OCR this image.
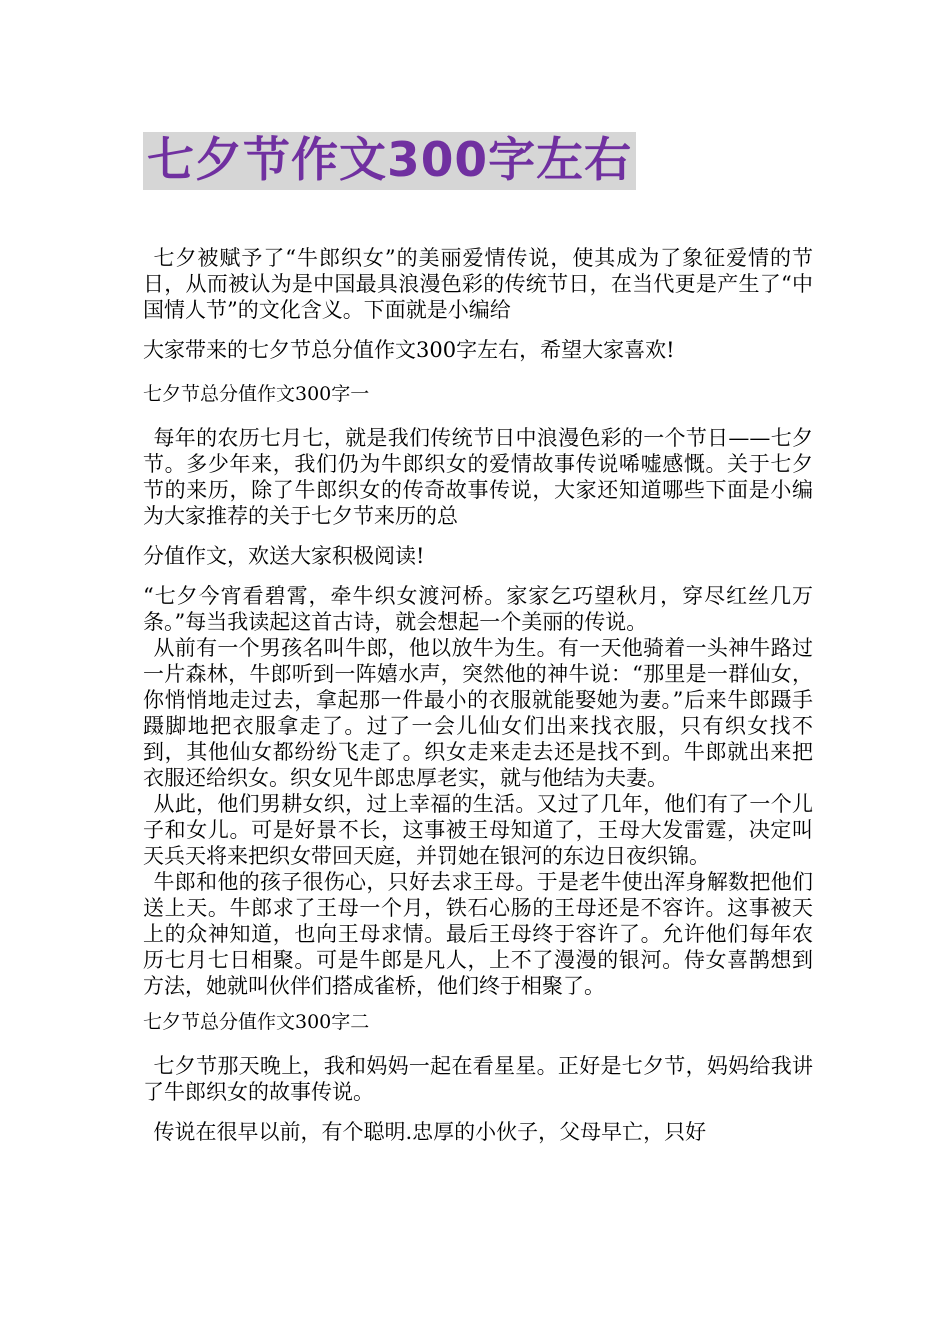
七夕节作文300字左右

七夕被赋予了“牛郎织女”的美丽爱情传说，使其成为了象征爱情的节日，从而被认为是中国最具浪漫色彩的传统节日，在当代更是产生了“中国情人节”的文化含义。下面就是小编给

大家带来的七夕节总分值作文300字左右，希望大家喜欢!

七夕节总分值作文300字一

每年的农历七月七，就是我们传统节日中浪漫色彩的一个节日——七夕节。多少年来，我们仍为牛郎织女的爱情故事传说唏嘘感慨。关于七夕节的来历，除了牛郎织女的传奇故事传说，大家还知道哪些下面是小编为大家推荐的关于七夕节来历的总

分值作文，欢送大家积极阅读!

“七夕今宵看碧霄，牵牛织女渡河桥。家家乞巧望秋月，穿尽红丝几万条。”每当我读起这首古诗，就会想起一个美丽的传说。

从前有一个男孩名叫牛郎，他以放牛为生。有一天他骑着一头神牛路过一片森林，牛郎听到一阵嬉水声，突然他的神牛说：“那里是一群仙女，你悄悄地走过去，拿起那一件最小的衣服就能娶她为妻。”后来牛郎蹑手蹑脚地把衣服拿走了。过了一会儿仙女们出来找衣服，只有织女找不到，其他仙女都纷纷飞走了。织女走来走去还是找不到。牛郎就出来把衣服还给织女。织女见牛郎忠厚老实，就与他结为夫妻。

从此，他们男耕女织，过上幸福的生活。又过了几年，他们有了一个儿子和女儿。可是好景不长，这事被王母知道了，王母大发雷霆，决定叫天兵天将来把织女带回天庭，并罚她在银河的东边日夜织锦。

牛郎和他的孩子很伤心，只好去求王母。于是老牛使出浑身解数把他们送上天。牛郎求了王母一个月，铁石心肠的王母还是不容许。这事被天上的众神知道，也向王母求情。最后王母终于容许了。允许他们每年农历七月七日相聚。可是牛郎是凡人，上不了漫漫的银河。侍女喜鹊想到方法，她就叫伙伴们搭成雀桥，他们终于相聚了。

七夕节总分值作文300字二

七夕节那天晚上，我和妈妈一起在看星星。正好是七夕节，妈妈给我讲了牛郎织女的故事传说。

传说在很早以前，有个聪明.忠厚的小伙子，父母早亡，只好
